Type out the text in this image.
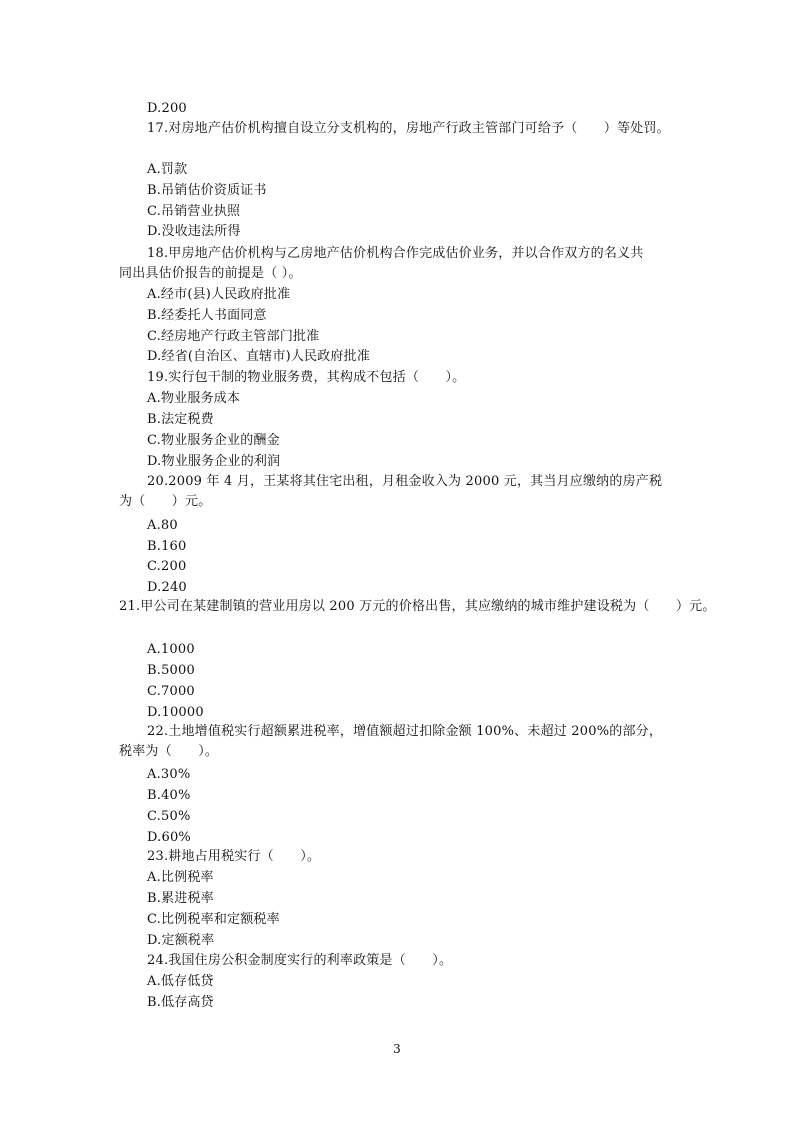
D.200
17.对房地产估价机构擅自设立分支机构的，房地产行政主管部门可给予（　　）等处罚。
A.罚款
B.吊销估价资质证书
C.吊销营业执照
D.没收违法所得
18.甲房地产估价机构与乙房地产估价机构合作完成估价业务，并以合作双方的名义共
同出具估价报告的前提是（ ）。
A.经市(县)人民政府批准
B.经委托人书面同意
C.经房地产行政主管部门批准
D.经省(自治区、直辖市)人民政府批准
19.实行包干制的物业服务费，其构成不包括（　　）。
A.物业服务成本
B.法定税费
C.物业服务企业的酬金
D.物业服务企业的利润
20.2009 年 4 月，王某将其住宅出租，月租金收入为 2000 元，其当月应缴纳的房产税
为（　　）元。
A.80
B.160
C.200
D.240
21.甲公司在某建制镇的营业用房以 200 万元的价格出售，其应缴纳的城市维护建设税为（　　）元。
A.1000
B.5000
C.7000
D.10000
22.土地增值税实行超额累进税率，增值额超过扣除金额 100%、未超过 200%的部分，
税率为（　　）。
A.30%
B.40%
C.50%
D.60%
23.耕地占用税实行（　　）。
A.比例税率
B.累进税率
C.比例税率和定额税率
D.定额税率
24.我国住房公积金制度实行的利率政策是（　　）。
A.低存低贷
B.低存高贷
3
